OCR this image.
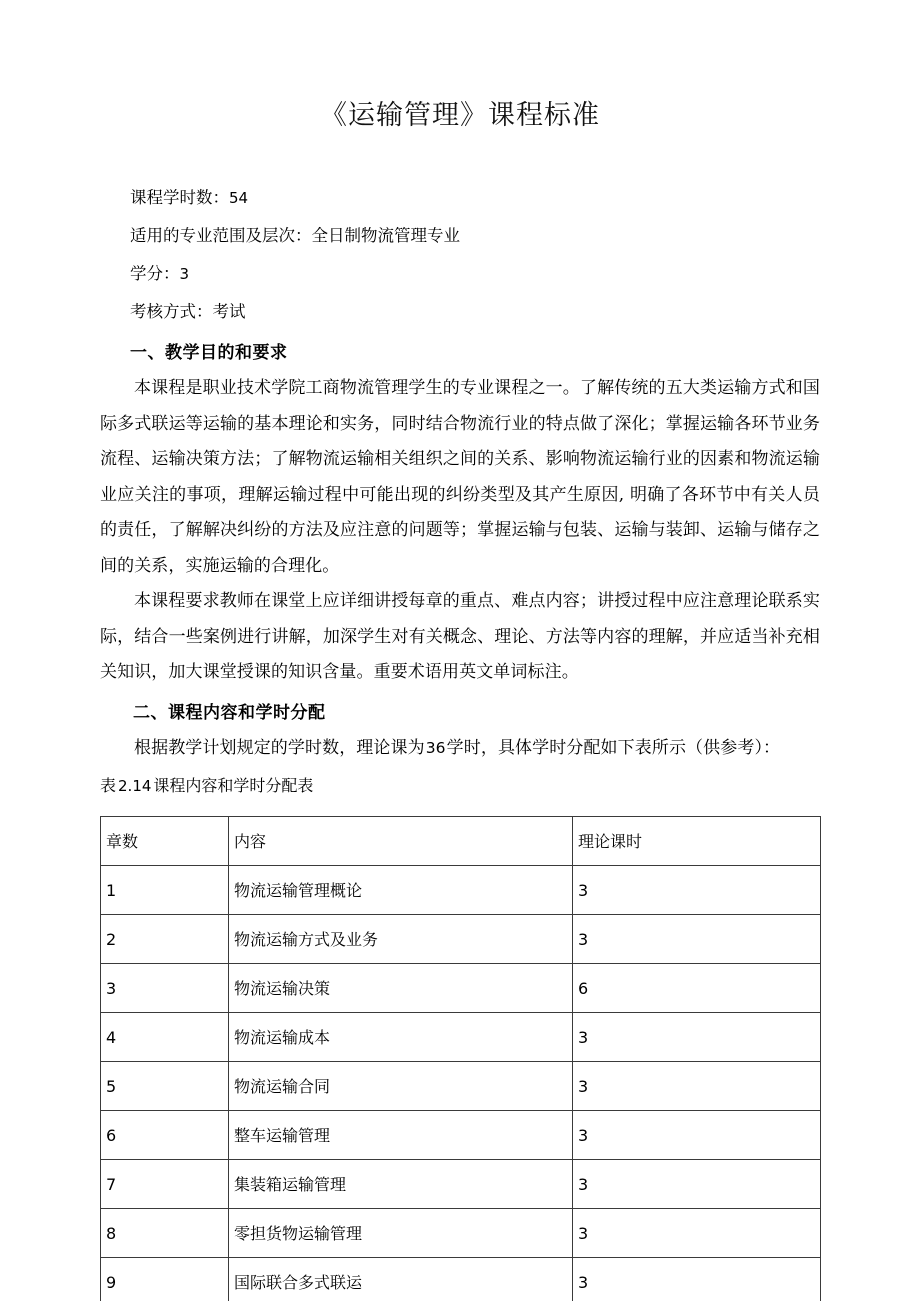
《运输管理》课程标准
课程学时数：54
适用的专业范围及层次：全日制物流管理专业
学分：3
考核方式：考试
一、教学目的和要求

本课程是职业技术学院工商物流管理学生的专业课程之一。了解传统的五大类运输方式和国际多式联运等运输的基本理论和实务，同时结合物流行业的特点做了深化；掌握运输各环节业务流程、运输决策方法；了解物流运输相关组织之间的关系、影响物流运输行业的因素和物流运输业应关注的事项，理解运输过程中可能出现的纠纷类型及其产生原因, 明确了各环节中有关人员的责任，了解解决纠纷的方法及应注意的问题等；掌握运输与包装、运输与装卸、运输与储存之间的关系，实施运输的合理化。

本课程要求教师在课堂上应详细讲授每章的重点、难点内容；讲授过程中应注意理论联系实际，结合一些案例进行讲解，加深学生对有关概念、理论、方法等内容的理解，并应适当补充相关知识，加大课堂授课的知识含量。重要术语用英文单词标注。

二、课程内容和学时分配

根据教学计划规定的学时数，理论课为36学时，具体学时分配如下表所示（供参考）：

表 2.14 课程内容和学时分配表
章数	内容	理论课时
1	物流运输管理概论	3
2	物流运输方式及业务	3
3	物流运输决策	6
4	物流运输成本	3
5	物流运输合同	3
6	整车运输管理	3
7	集装箱运输管理	3
8	零担货物运输管理	3
9	国际联合多式联运	3
